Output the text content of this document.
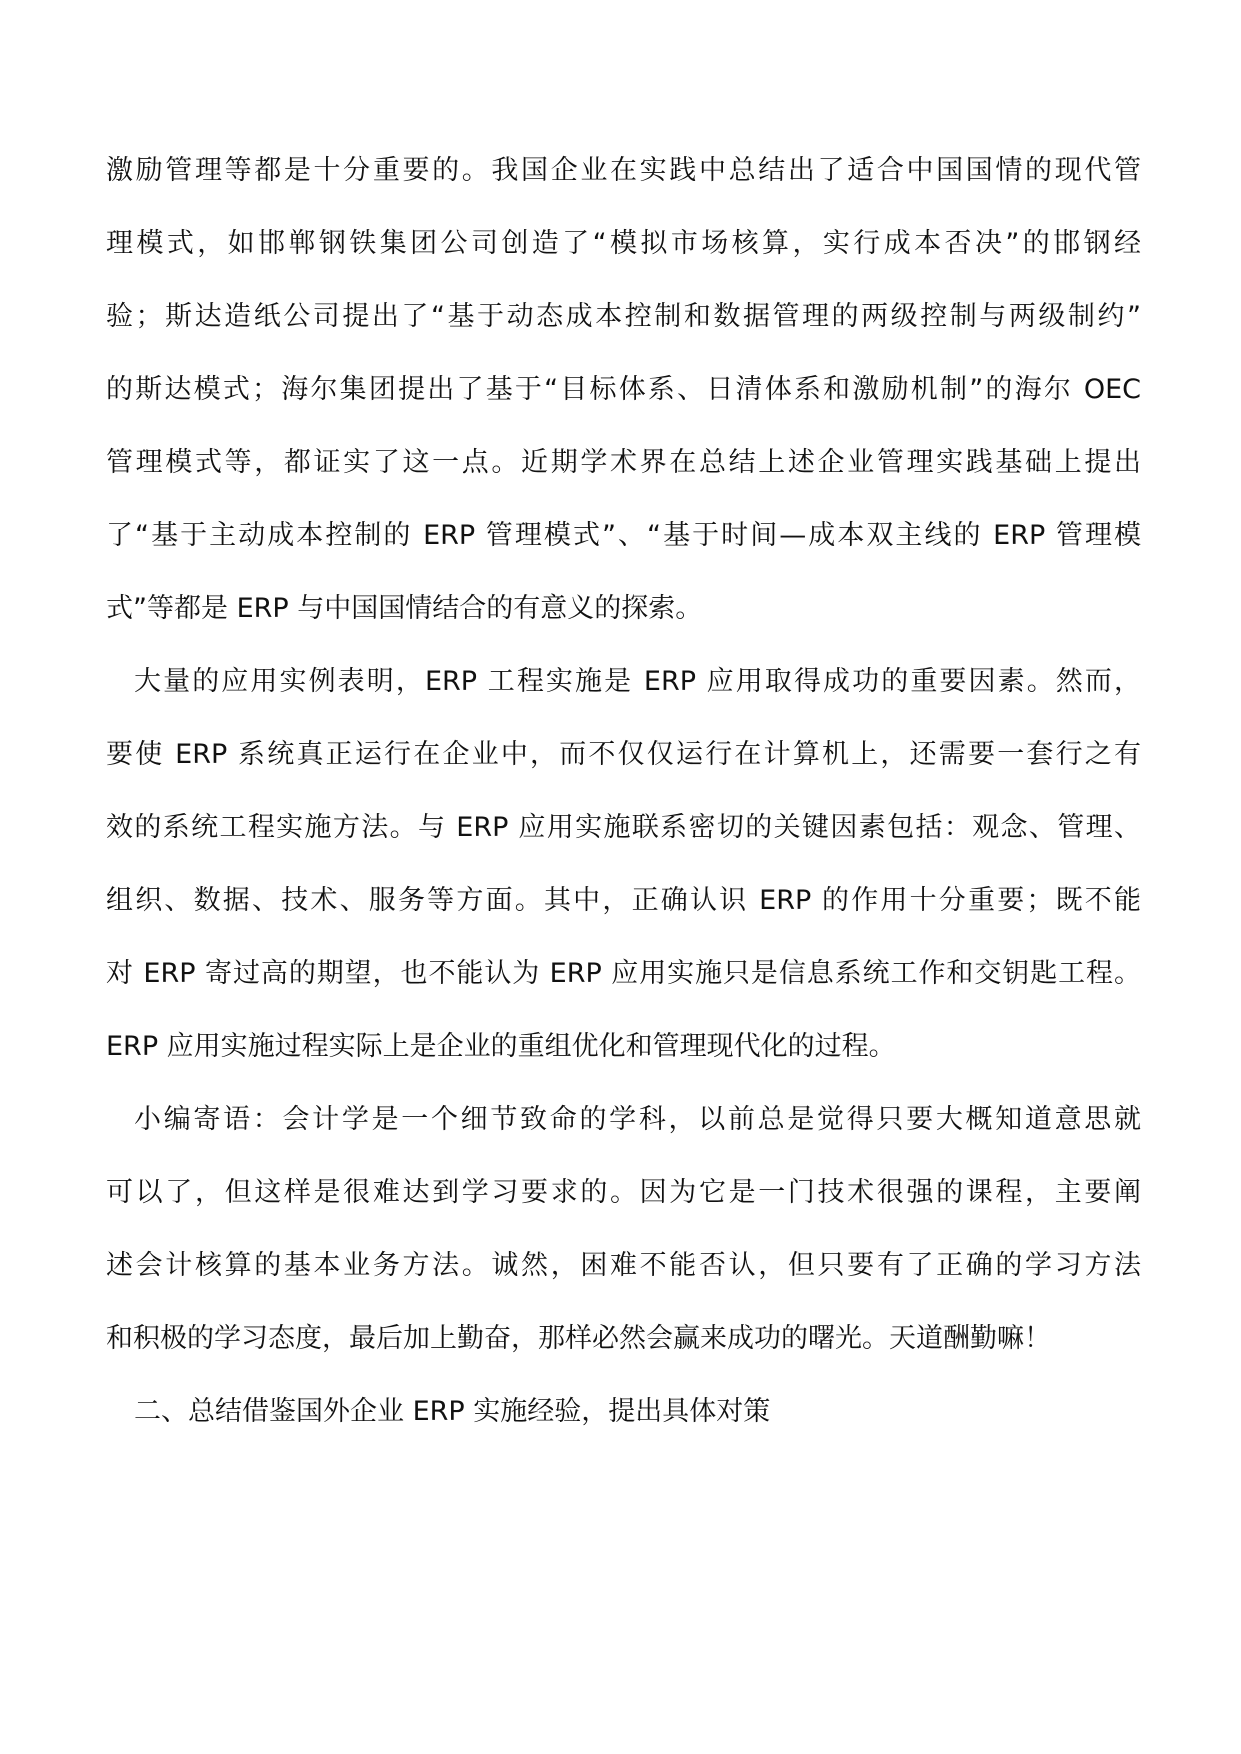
激励管理等都是十分重要的。我国企业在实践中总结出了适合中国国情的现代管

理模式，如邯郸钢铁集团公司创造了“模拟市场核算，实行成本否决”的邯钢经

验；斯达造纸公司提出了“基于动态成本控制和数据管理的两级控制与两级制约”

的斯达模式；海尔集团提出了基于“目标体系、日清体系和激励机制”的海尔 OEC

管理模式等，都证实了这一点。近期学术界在总结上述企业管理实践基础上提出

了“基于主动成本控制的 ERP 管理模式”、“基于时间—成本双主线的 ERP 管理模

式”等都是 ERP 与中国国情结合的有意义的探索。

大量的应用实例表明，ERP 工程实施是 ERP 应用取得成功的重要因素。然而，

要使 ERP 系统真正运行在企业中，而不仅仅运行在计算机上，还需要一套行之有

效的系统工程实施方法。与 ERP 应用实施联系密切的关键因素包括：观念、管理、

组织、数据、技术、服务等方面。其中，正确认识 ERP 的作用十分重要；既不能

对 ERP 寄过高的期望，也不能认为 ERP 应用实施只是信息系统工作和交钥匙工程。

ERP 应用实施过程实际上是企业的重组优化和管理现代化的过程。

小编寄语：会计学是一个细节致命的学科，以前总是觉得只要大概知道意思就

可以了，但这样是很难达到学习要求的。因为它是一门技术很强的课程，主要阐

述会计核算的基本业务方法。诚然，困难不能否认，但只要有了正确的学习方法

和积极的学习态度，最后加上勤奋，那样必然会赢来成功的曙光。天道酬勤嘛！

二、总结借鉴国外企业 ERP 实施经验，提出具体对策
